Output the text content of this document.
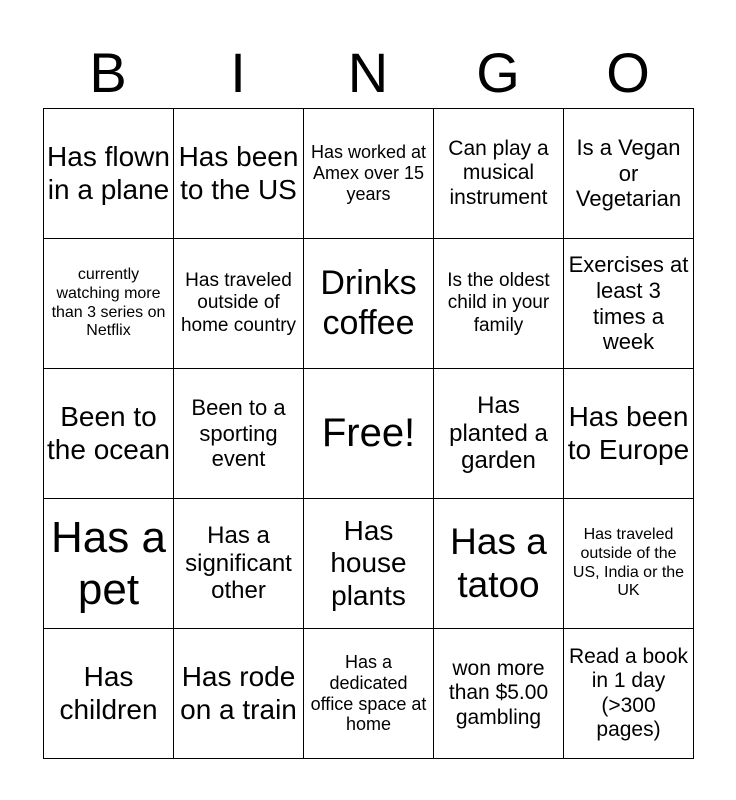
B	I	N	G	O
Has flown in a plane	Has been to the US	Has worked at Amex over 15 years	Can play a musical instrument	Is a Vegan or Vegetarian
currently watching more than 3 series on Netflix	Has traveled outside of home country	Drinks coffee	Is the oldest child in your family	Exercises at least 3 times a week
Been to the ocean	Been to a sporting event	Free!	Has planted a garden	Has been to Europe
Has a pet	Has a significant other	Has house plants	Has a tatoo	Has traveled outside of the US, India or the UK
Has children	Has rode on a train	Has a dedicated office space at home	won more than $5.00 gambling	Read a book in 1 day (>300 pages)
